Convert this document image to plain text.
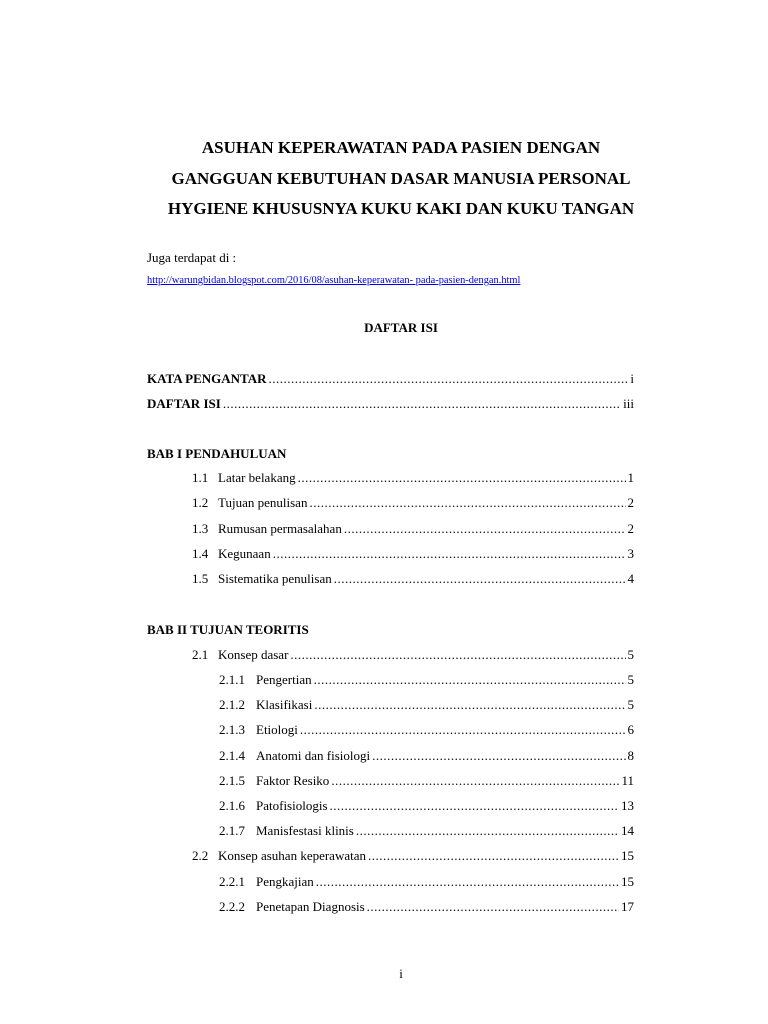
ASUHAN KEPERAWATAN PADA PASIEN DENGAN
GANGGUAN KEBUTUHAN DASAR MANUSIA PERSONAL
HYGIENE KHUSUSNYA KUKU KAKI DAN KUKU TANGAN
Juga terdapat di :
http://warungbidan.blogspot.com/2016/08/asuhan-keperawatan- pada-pasien-dengan.html
DAFTAR ISI
KATA PENGANTAR .....	i
DAFTAR ISI .....	iii
BAB I PENDAHULUAN
1.1 Latar belakang .....	1
1.2 Tujuan penulisan .....	2
1.3 Rumusan permasalahan .....	2
1.4 Kegunaan .....	3
1.5 Sistematika penulisan .....	4
BAB II TUJUAN TEORITIS
2.1 Konsep dasar .....	5
2.1.1 Pengertian .....	5
2.1.2 Klasifikasi .....	5
2.1.3 Etiologi .....	6
2.1.4 Anatomi dan fisiologi .....	8
2.1.5 Faktor Resiko .....	11
2.1.6 Patofisiologis .....	13
2.1.7 Manisfestasi klinis .....	14
2.2 Konsep asuhan keperawatan .....	15
2.2.1 Pengkajian .....	15
2.2.2 Penetapan Diagnosis .....	17
i
